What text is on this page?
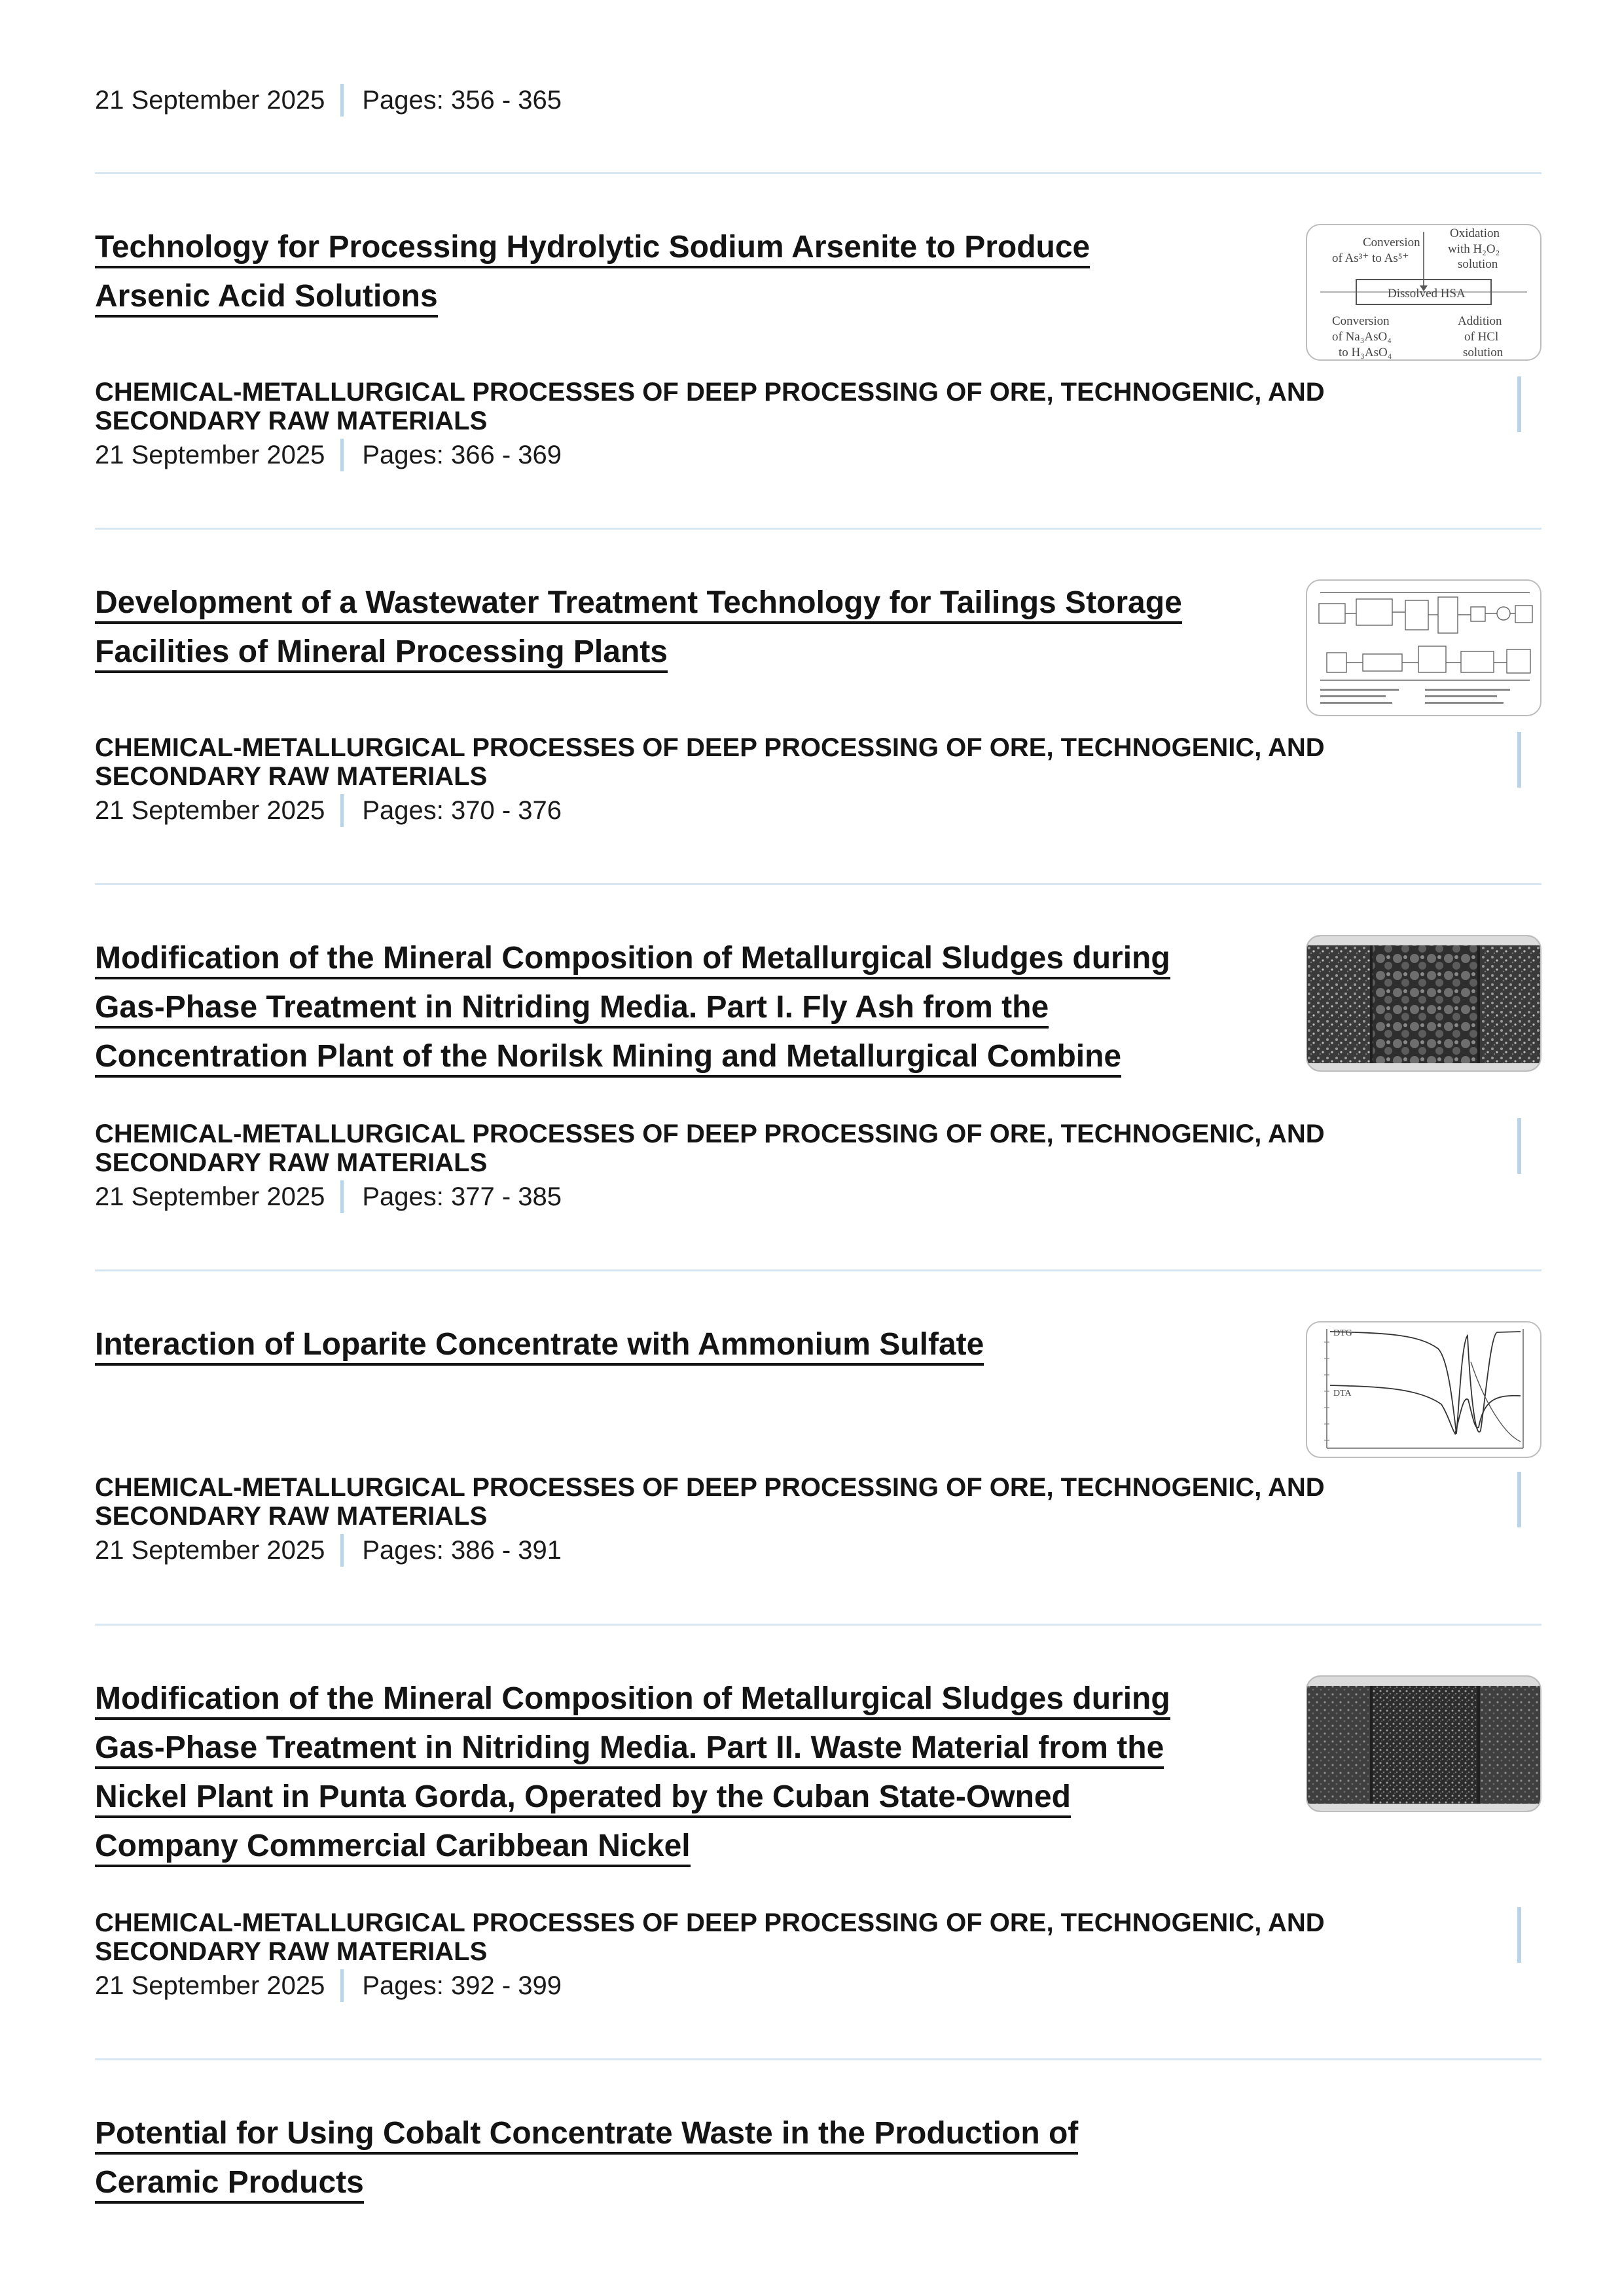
21 September 2025 Pages: 356 - 365
Technology for Processing Hydrolytic Sodium Arsenite to Produce
Arsenic Acid Solutions
Conversion
of As³⁺ to As⁵⁺
Oxidation
with H₂O₂
solution
Dissolved HSA
Conversion
of Na₃AsO₄
to H₃AsO₄
Addition
of HCl
solution
CHEMICAL-METALLURGICAL PROCESSES OF DEEP PROCESSING OF ORE, TECHNOGENIC, AND SECONDARY RAW MATERIALS
21 September 2025 Pages: 366 - 369
Development of a Wastewater Treatment Technology for Tailings Storage
Facilities of Mineral Processing Plants
CHEMICAL-METALLURGICAL PROCESSES OF DEEP PROCESSING OF ORE, TECHNOGENIC, AND SECONDARY RAW MATERIALS
21 September 2025 Pages: 370 - 376
Modification of the Mineral Composition of Metallurgical Sludges during
Gas-Phase Treatment in Nitriding Media. Part I. Fly Ash from the
Concentration Plant of the Norilsk Mining and Metallurgical Combine
CHEMICAL-METALLURGICAL PROCESSES OF DEEP PROCESSING OF ORE, TECHNOGENIC, AND SECONDARY RAW MATERIALS
21 September 2025 Pages: 377 - 385
Interaction of Loparite Concentrate with Ammonium Sulfate	DTG
DTA
CHEMICAL-METALLURGICAL PROCESSES OF DEEP PROCESSING OF ORE, TECHNOGENIC, AND SECONDARY RAW MATERIALS
21 September 2025 Pages: 386 - 391
Modification of the Mineral Composition of Metallurgical Sludges during
Gas-Phase Treatment in Nitriding Media. Part II. Waste Material from the
Nickel Plant in Punta Gorda, Operated by the Cuban State-Owned
Company Commercial Caribbean Nickel
CHEMICAL-METALLURGICAL PROCESSES OF DEEP PROCESSING OF ORE, TECHNOGENIC, AND SECONDARY RAW MATERIALS
21 September 2025 Pages: 392 - 399
Potential for Using Cobalt Concentrate Waste in the Production of
Ceramic Products
